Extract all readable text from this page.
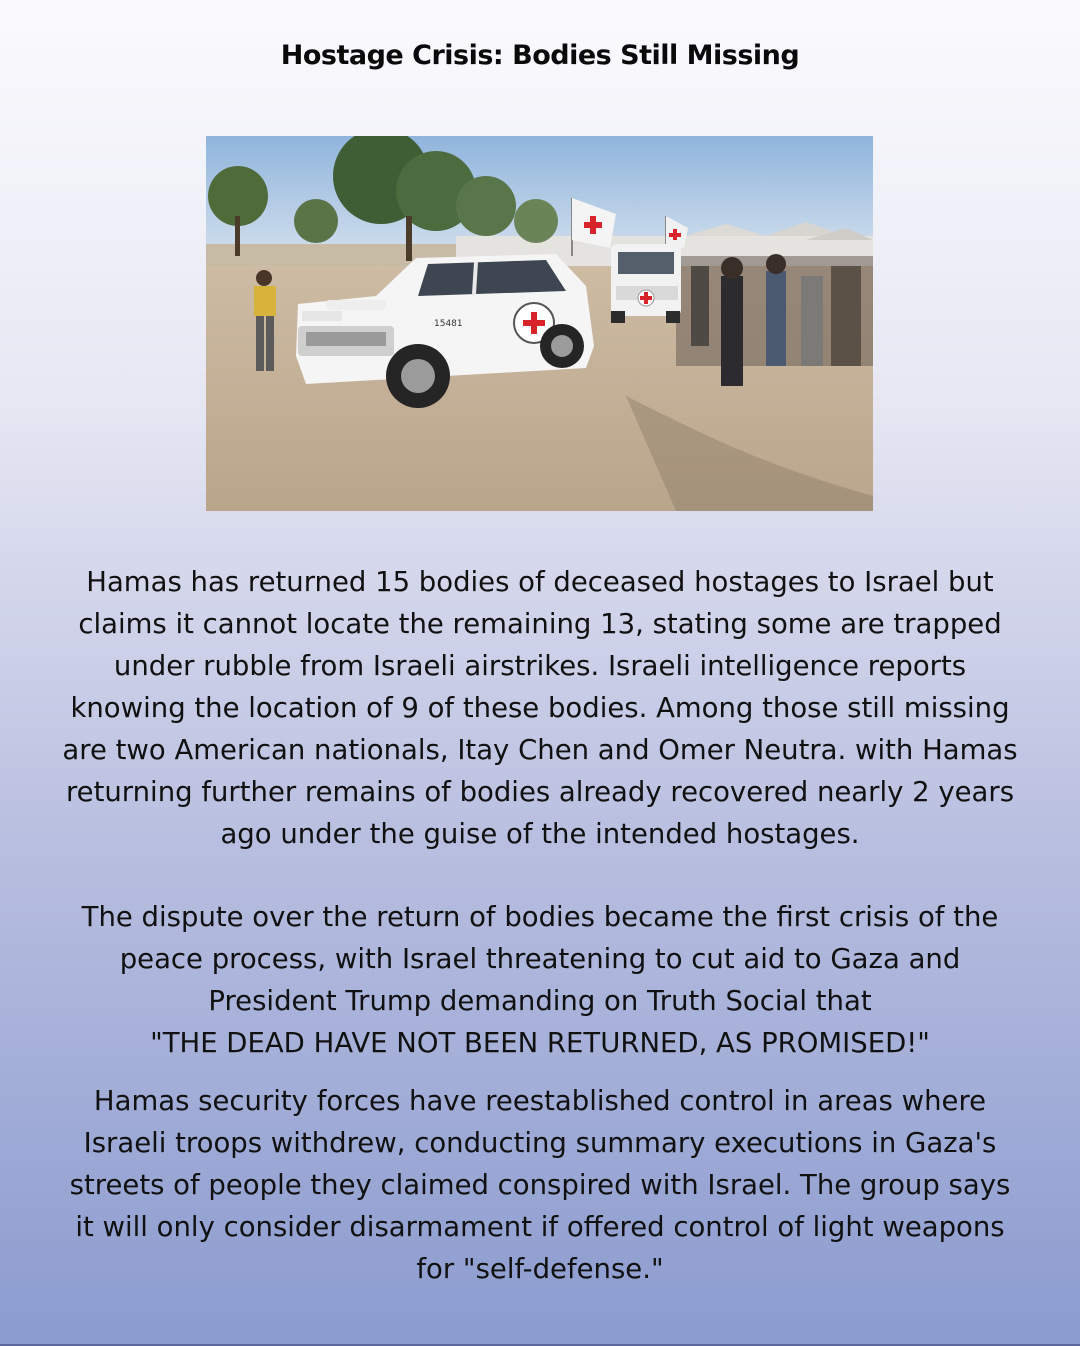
Hostage Crisis: Bodies Still Missing
15481
Hamas has returned 15 bodies of deceased hostages to Israel but
claims it cannot locate the remaining 13, stating some are trapped
under rubble from Israeli airstrikes. Israeli intelligence reports
knowing the location of 9 of these bodies. Among those still missing
are two American nationals, Itay Chen and Omer Neutra. with Hamas
returning further remains of bodies already recovered nearly 2 years
ago under the guise of the intended hostages.
The dispute over the return of bodies became the first crisis of the
peace process, with Israel threatening to cut aid to Gaza and
President Trump demanding on Truth Social that
"THE DEAD HAVE NOT BEEN RETURNED, AS PROMISED!"
Hamas security forces have reestablished control in areas where
Israeli troops withdrew, conducting summary executions in Gaza's
streets of people they claimed conspired with Israel. The group says
it will only consider disarmament if offered control of light weapons
for "self-defense."
